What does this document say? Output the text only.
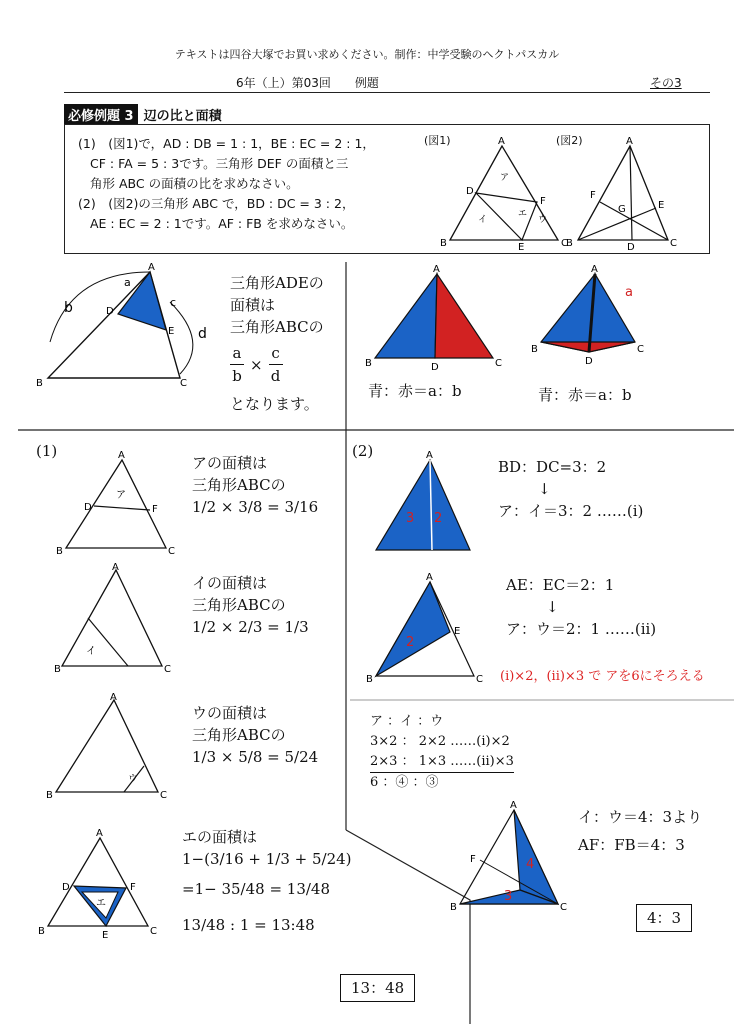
テキストは四谷大塚でお買い求めください。制作：中学受験のヘクトパスカル
6年（上）第03回　　例題	その3
必修例題 3 辺の比と面積
(1)　(図1)で，AD : DB = 1 : 1，BE : EC = 2 : 1，
CF : FA = 5 : 3です。三角形 DEF の面積と三
角形 ABC の面積の比を求めなさい。
(2)　(図2)の三角形 ABC で，BD : DC = 3 : 2，
AE : EC = 2 : 1です。AF : FB を求めなさい。
(図1)	(図2)
A
D
F
B	E	C
ア
イ
エ
ウ
A
F
G	E
B	D	C
A
D
E
B	C
b
d
a
c
三角形ADEの
面積は
三角形ABCの
a
b
×
c
d
となります。
A
B	C
D
A
B	C
D
a
青：赤＝a：b	青：赤＝a：b
(1)	A
D	F
B	C
ア
アの面積は
三角形ABCの
1/2 × 3/8 = 3/16
A
B	C
イ
イの面積は
三角形ABCの
1/2 × 2/3 = 1/3
A
B	C
ウ
ウの面積は
三角形ABCの
1/3 × 5/8 = 5/24
A
D	F
B	E	C
エ
エの面積は
1−(3/16 + 1/3 + 5/24)
=1− 35/48 = 13/48
13/48 : 1 = 13:48
13：48
(2)	A
3 2
A
B	C
E
2
BD：DC=3：2
↓
ア：イ＝3：2 ……(i)
AE：EC＝2：1
↓
ア：ウ＝2：1 ……(ii)
(i)×2，(ii)×3 で アを6にそろえる
ア ：イ ：ウ
3×2 ： 2×2 ……(i)×2
2×3 ： 1×3 ……(ii)×3
6 ：④ ：③
A
F
B	C
4
3
イ：ウ＝4：3より
AF：FB＝4：3
4：3
